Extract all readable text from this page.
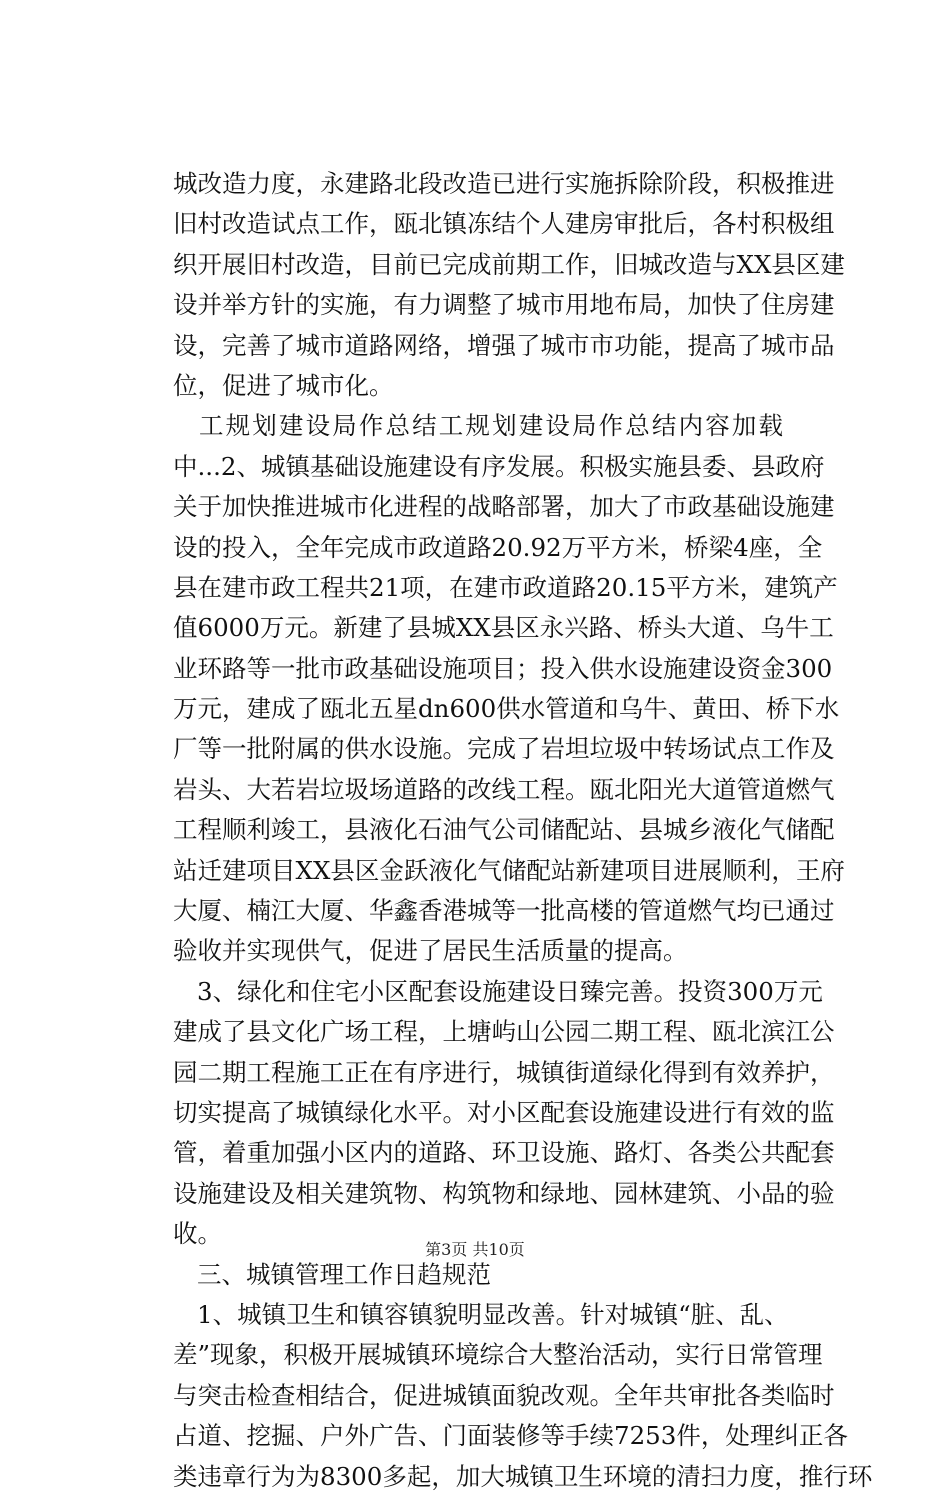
城改造力度，永建路北段改造已进行实施拆除阶段，积极推进
旧村改造试点工作，瓯北镇冻结个人建房审批后，各村积极组
织开展旧村改造，目前已完成前期工作，旧城改造与XX县区建
设并举方针的实施，有力调整了城市用地布局，加快了住房建
设，完善了城市道路网络，增强了城市市功能，提高了城市品
位，促进了城市化。
工规划建设局作总结工规划建设局作总结内容加载
中...2、城镇基础设施建设有序发展。积极实施县委、县政府
关于加快推进城市化进程的战略部署，加大了市政基础设施建
设的投入，全年完成市政道路20.92万平方米，桥梁4座，全
县在建市政工程共21项，在建市政道路20.15平方米，建筑产
值6000万元。新建了县城XX县区永兴路、桥头大道、乌牛工
业环路等一批市政基础设施项目；投入供水设施建设资金300
万元，建成了瓯北五星dn600供水管道和乌牛、黄田、桥下水
厂等一批附属的供水设施。完成了岩坦垃圾中转场试点工作及
岩头、大若岩垃圾场道路的改线工程。瓯北阳光大道管道燃气
工程顺利竣工，县液化石油气公司储配站、县城乡液化气储配
站迁建项目XX县区金跃液化气储配站新建项目进展顺利，王府
大厦、楠江大厦、华鑫香港城等一批高楼的管道燃气均已通过
验收并实现供气，促进了居民生活质量的提高。
3、绿化和住宅小区配套设施建设日臻完善。投资300万元
建成了县文化广场工程，上塘屿山公园二期工程、瓯北滨江公
园二期工程施工正在有序进行，城镇街道绿化得到有效养护，
切实提高了城镇绿化水平。对小区配套设施建设进行有效的监
管，着重加强小区内的道路、环卫设施、路灯、各类公共配套
设施建设及相关建筑物、构筑物和绿地、园林建筑、小品的验
收。
三、城镇管理工作日趋规范
1、城镇卫生和镇容镇貌明显改善。针对城镇“脏、乱、
差”现象，积极开展城镇环境综合大整治活动，实行日常管理
与突击检查相结合，促进城镇面貌改观。全年共审批各类临时
占道、挖掘、户外广告、门面装修等手续7253件，处理纠正各
类违章行为为8300多起，加大城镇卫生环境的清扫力度，推行环
第3页 共10页
